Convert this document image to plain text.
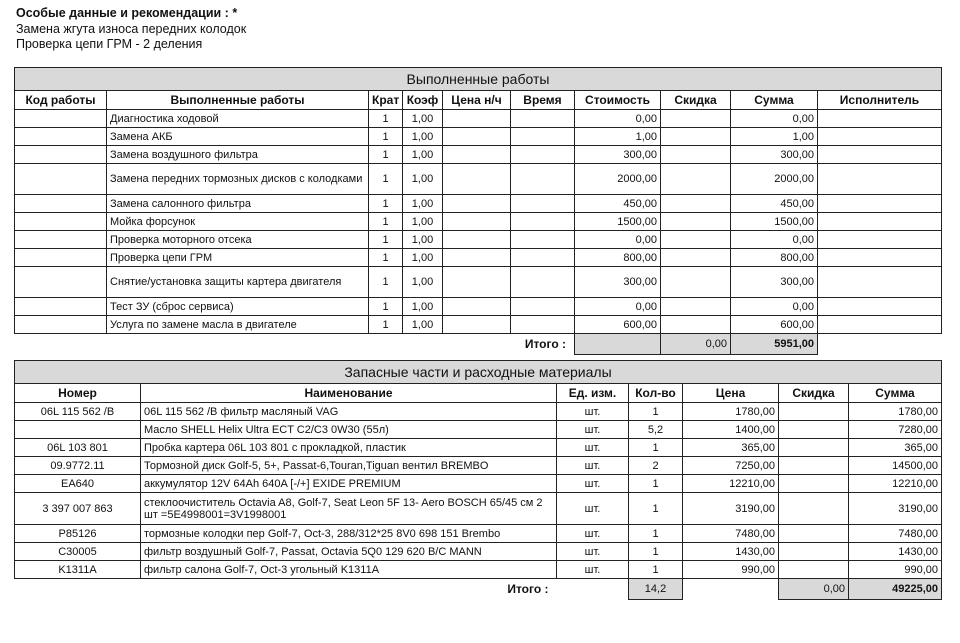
Особые данные и рекомендации : *
Замена жгута износа передних колодок
Проверка цепи ГРМ - 2 деления
Выполненные работы									
Код работы	Выполненные работы	Крат	Коэф	Цена н/ч	Время	Стоимость	Скидка	Сумма	Исполнитель
	Диагностика ходовой	1	1,00			0,00		0,00	
	Замена АКБ	1	1,00			1,00		1,00	
	Замена воздушного фильтра	1	1,00			300,00		300,00	
	Замена передних тормозных дисков с колодками	1	1,00			2000,00		2000,00	
	Замена салонного фильтра	1	1,00			450,00		450,00	
	Мойка форсунок	1	1,00			1500,00		1500,00	
	Проверка моторного отсека	1	1,00			0,00		0,00	
	Проверка цепи ГРМ	1	1,00			800,00		800,00	
	Снятие/установка защиты картера двигателя	1	1,00			300,00		300,00	
	Тест ЗУ (сброс сервиса)	1	1,00			0,00		0,00	
	Услуга по замене масла в двигателе	1	1,00			600,00		600,00	
Итого :							0,00	5951,00	
Запасные части и расходные материалы						
Номер	Наименование	Ед. изм.	Кол-во	Цена	Скидка	Сумма
06L 115 562 /B	06L 115 562 /B фильтр масляный VAG	шт.	1	1780,00		1780,00
	Масло SHELL Helix Ultra ECT C2/C3 0W30 (55л)	шт.	5,2	1400,00		7280,00
06L 103 801	Пробка картера 06L 103 801 с прокладкой, пластик	шт.	1	365,00		365,00
09.9772.11	Тормозной диск Golf-5, 5+, Passat-6,Touran,Tiguan вентил BREMBO	шт.	2	7250,00		14500,00
EA640	аккумулятор 12V 64Ah 640A [-/+] EXIDE PREMIUM	шт.	1	12210,00		12210,00
3 397 007 863	стеклоочиститель Octavia A8, Golf-7, Seat Leon 5F 13- Aero BOSCH 65/45 см 2 шт =5E4998001=3V1998001	шт.	1	3190,00		3190,00
P85126	тормозные колодки пер Golf-7, Oct-3, 288/312*25 8V0 698 151 Brembo	шт.	1	7480,00		7480,00
C30005	фильтр воздушный Golf-7, Passat, Octavia 5Q0 129 620 B/C MANN	шт.	1	1430,00		1430,00
K1311A	фильтр салона Golf-7, Oct-3 угольный K1311A	шт.	1	990,00		990,00
Итого :			14,2		0,00	49225,00
